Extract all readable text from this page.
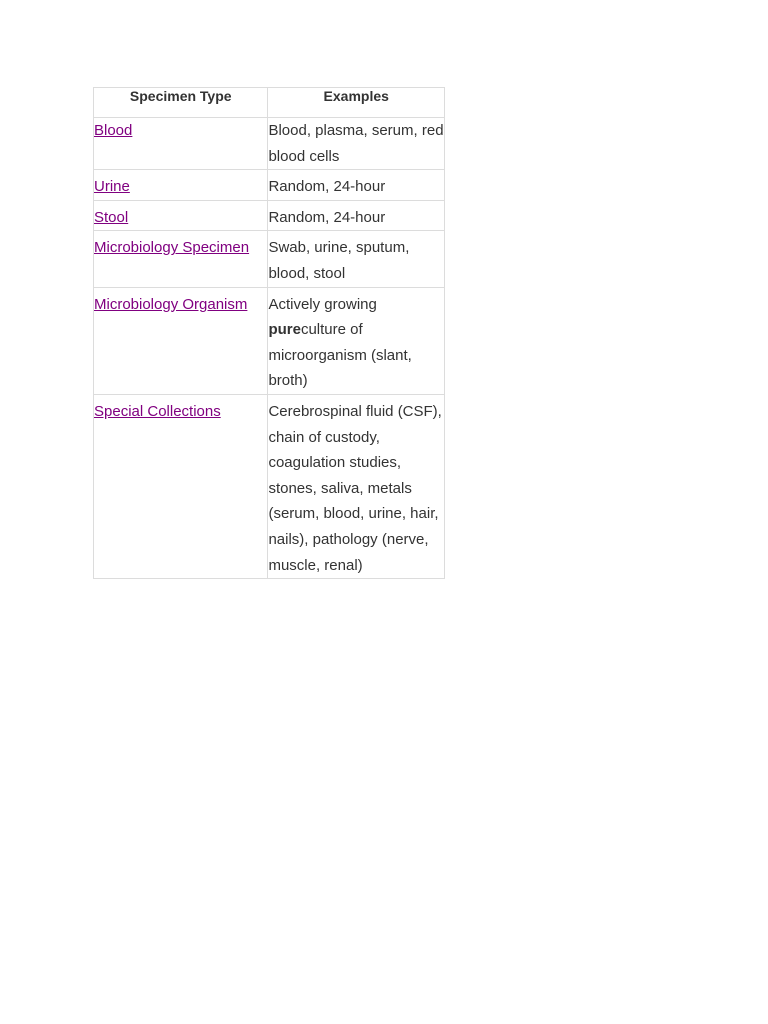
Specimen Type	Examples

Blood	Blood, plasma, serum, red blood cells

Urine	Random, 24-hour

Stool	Random, 24-hour

Microbiology Specimen	Swab, urine, sputum, blood, stool

Microbiology Organism	Actively growing pureculture of microorganism (slant, broth)

Special Collections	Cerebrospinal fluid (CSF), chain of custody, coagulation studies, stones, saliva, metals (serum, blood, urine, hair, nails), pathology (nerve, muscle, renal)
